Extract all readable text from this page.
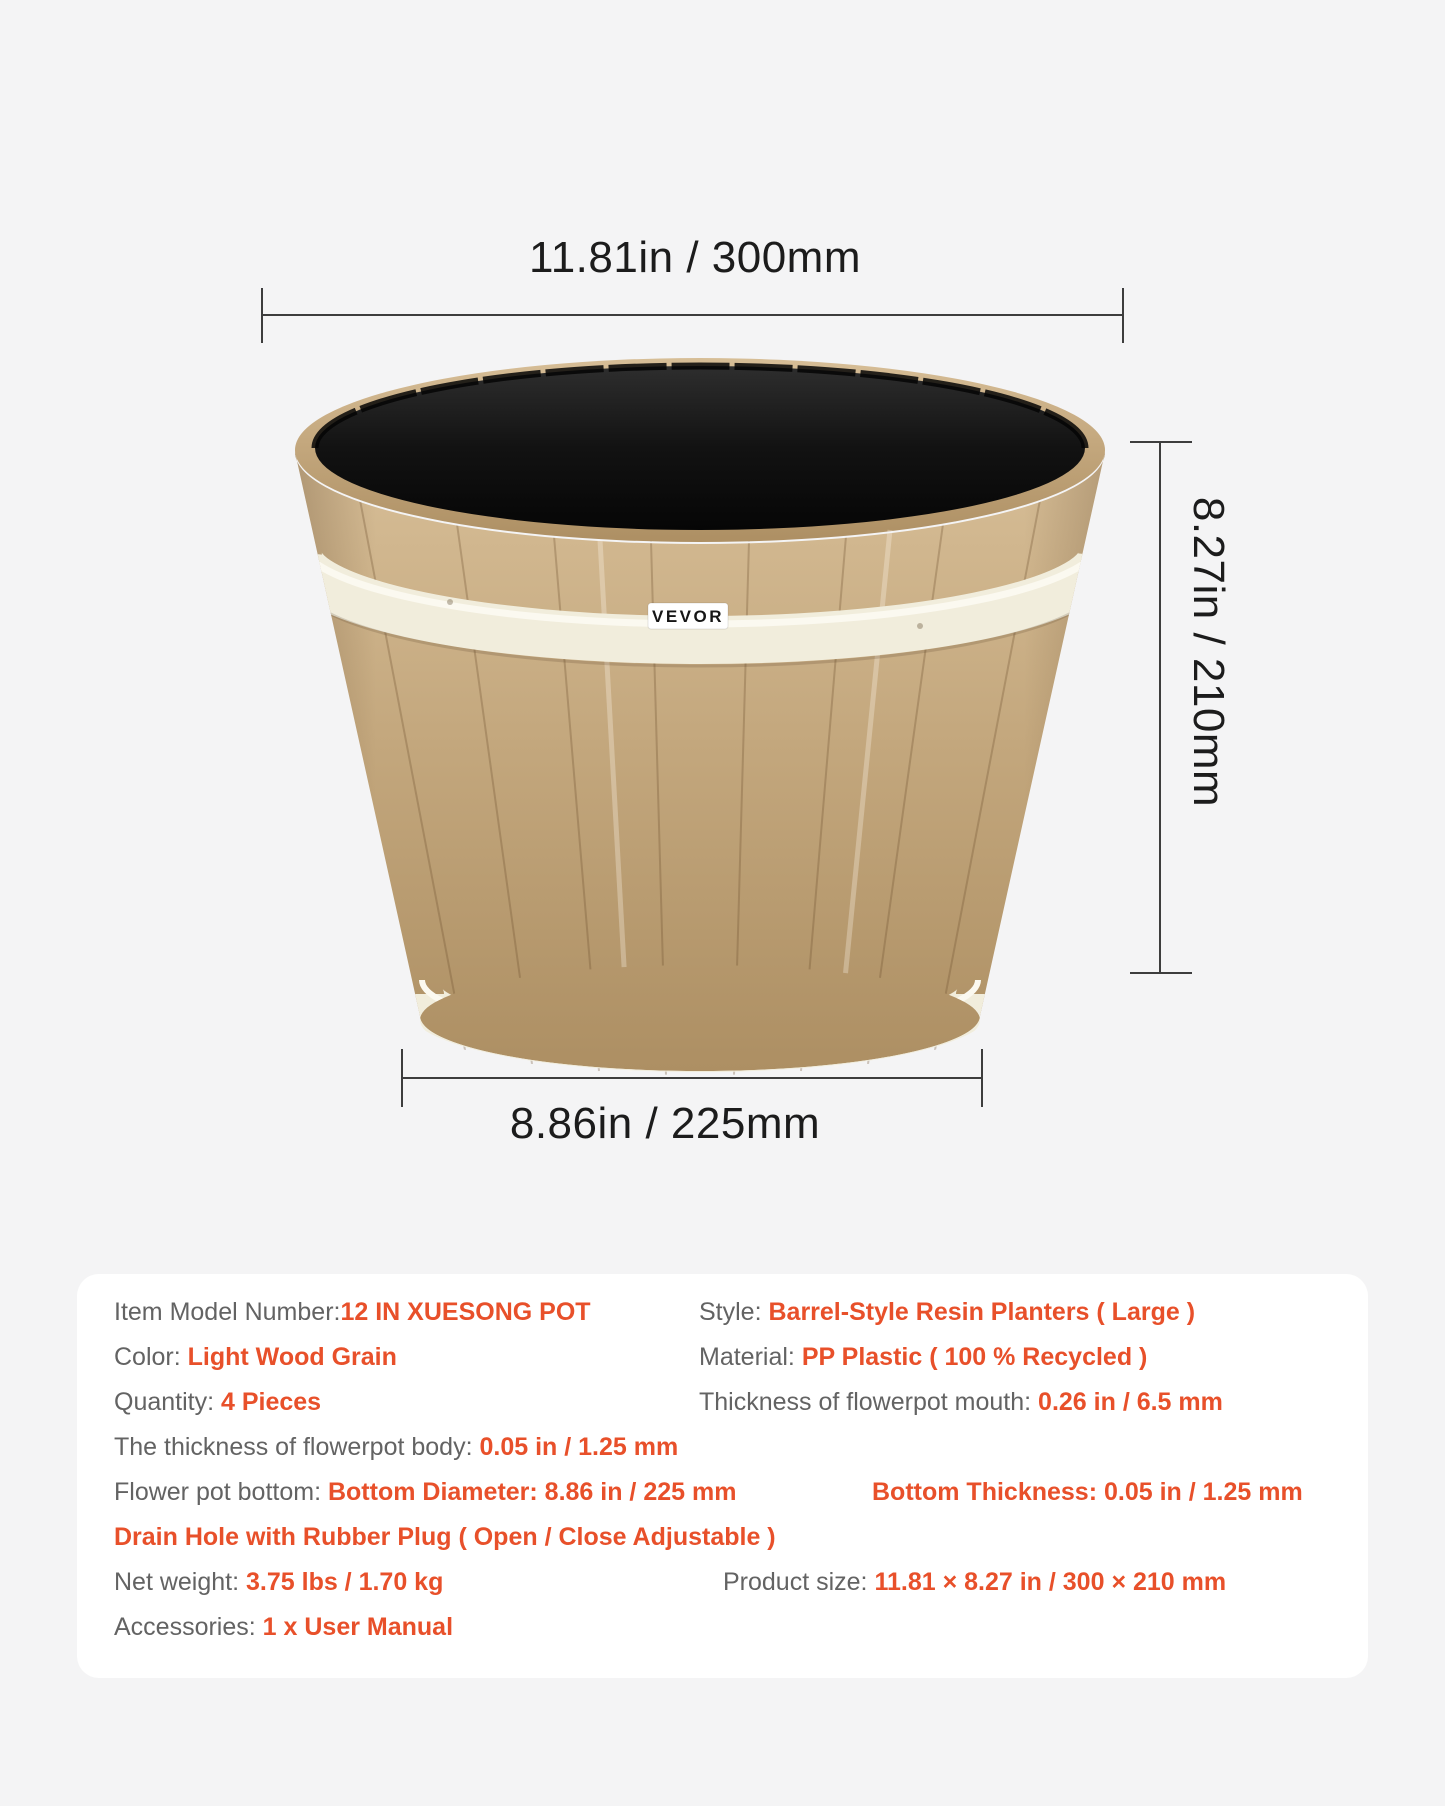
11.81in / 300mm
8.27in / 210mm
8.86in / 225mm
VEVOR
Item Model Number:12 IN XUESONG POT	Style: Barrel-Style Resin Planters ( Large )
Color: Light Wood Grain	Material: PP Plastic ( 100 % Recycled )
Quantity: 4 Pieces	Thickness of flowerpot mouth: 0.26 in / 6.5 mm
The thickness of flowerpot body: 0.05 in / 1.25 mm
Flower pot bottom: Bottom Diameter: 8.86 in / 225 mm	Bottom Thickness: 0.05 in / 1.25 mm
Drain Hole with Rubber Plug ( Open / Close Adjustable )
Net weight: 3.75 lbs / 1.70 kg	Product size: 11.81 × 8.27 in / 300 × 210 mm
Accessories: 1 x User Manual
